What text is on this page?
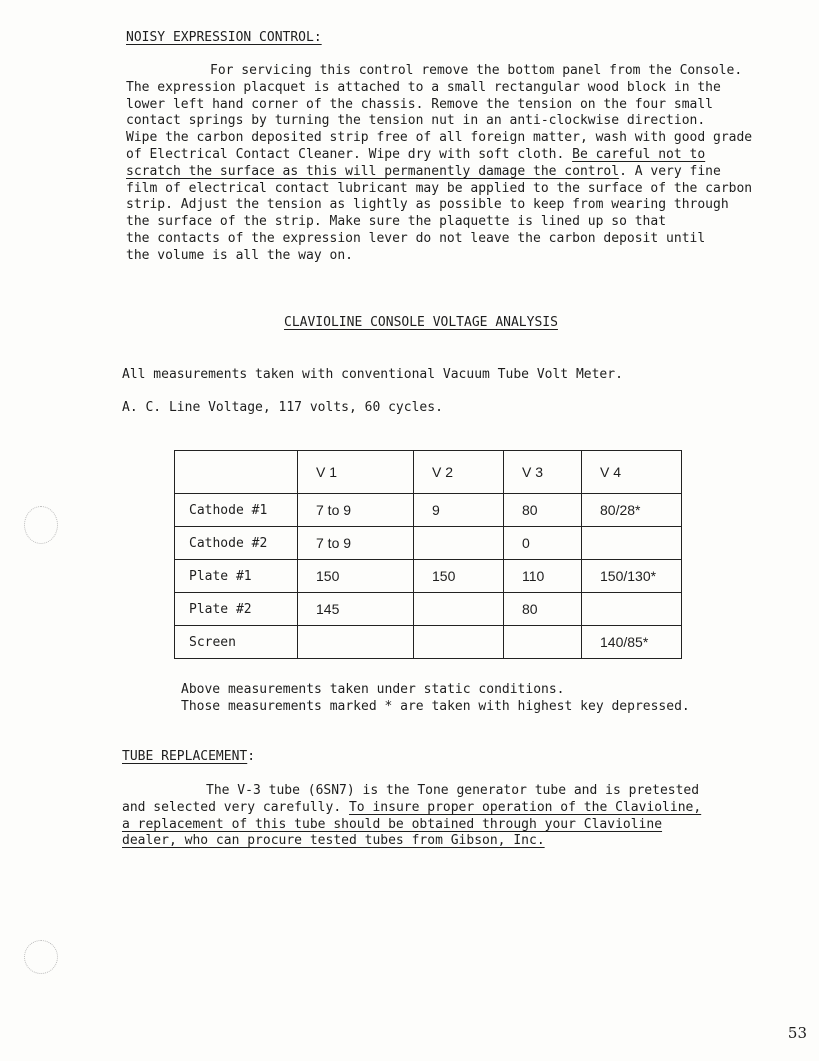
NOISY EXPRESSION CONTROL:
For servicing this control remove the bottom panel from the Console.
The expression placquet is attached to a small rectangular wood block in the
lower left hand corner of the chassis. Remove the tension on the four small
contact springs by turning the tension nut in an anti-clockwise direction.
Wipe the carbon deposited strip free of all foreign matter, wash with good grade
of Electrical Contact Cleaner. Wipe dry with soft cloth. Be careful not to
scratch the surface as this will permanently damage the control. A very fine
film of electrical contact lubricant may be applied to the surface of the carbon
strip. Adjust the tension as lightly as possible to keep from wearing through
the surface of the strip. Make sure the plaquette is lined up so that
the contacts of the expression lever do not leave the carbon deposit until
the volume is all the way on.
CLAVIOLINE CONSOLE VOLTAGE ANALYSIS
All measurements taken with conventional Vacuum Tube Volt Meter.
A. C. Line Voltage, 117 volts, 60 cycles.
	V 1	V 2	V 3	V 4
Cathode #1	7 to 9	9	80	80/28*
Cathode #2	7 to 9		0	
Plate #1	150	150	110	150/130*
Plate #2	145		80	
Screen				140/85*
Above measurements taken under static conditions.
Those measurements marked * are taken with highest key depressed.
TUBE REPLACEMENT:
The V-3 tube (6SN7) is the Tone generator tube and is pretested
and selected very carefully. To insure proper operation of the Clavioline,
a replacement of this tube should be obtained through your Clavioline
dealer, who can procure tested tubes from Gibson, Inc.
53
